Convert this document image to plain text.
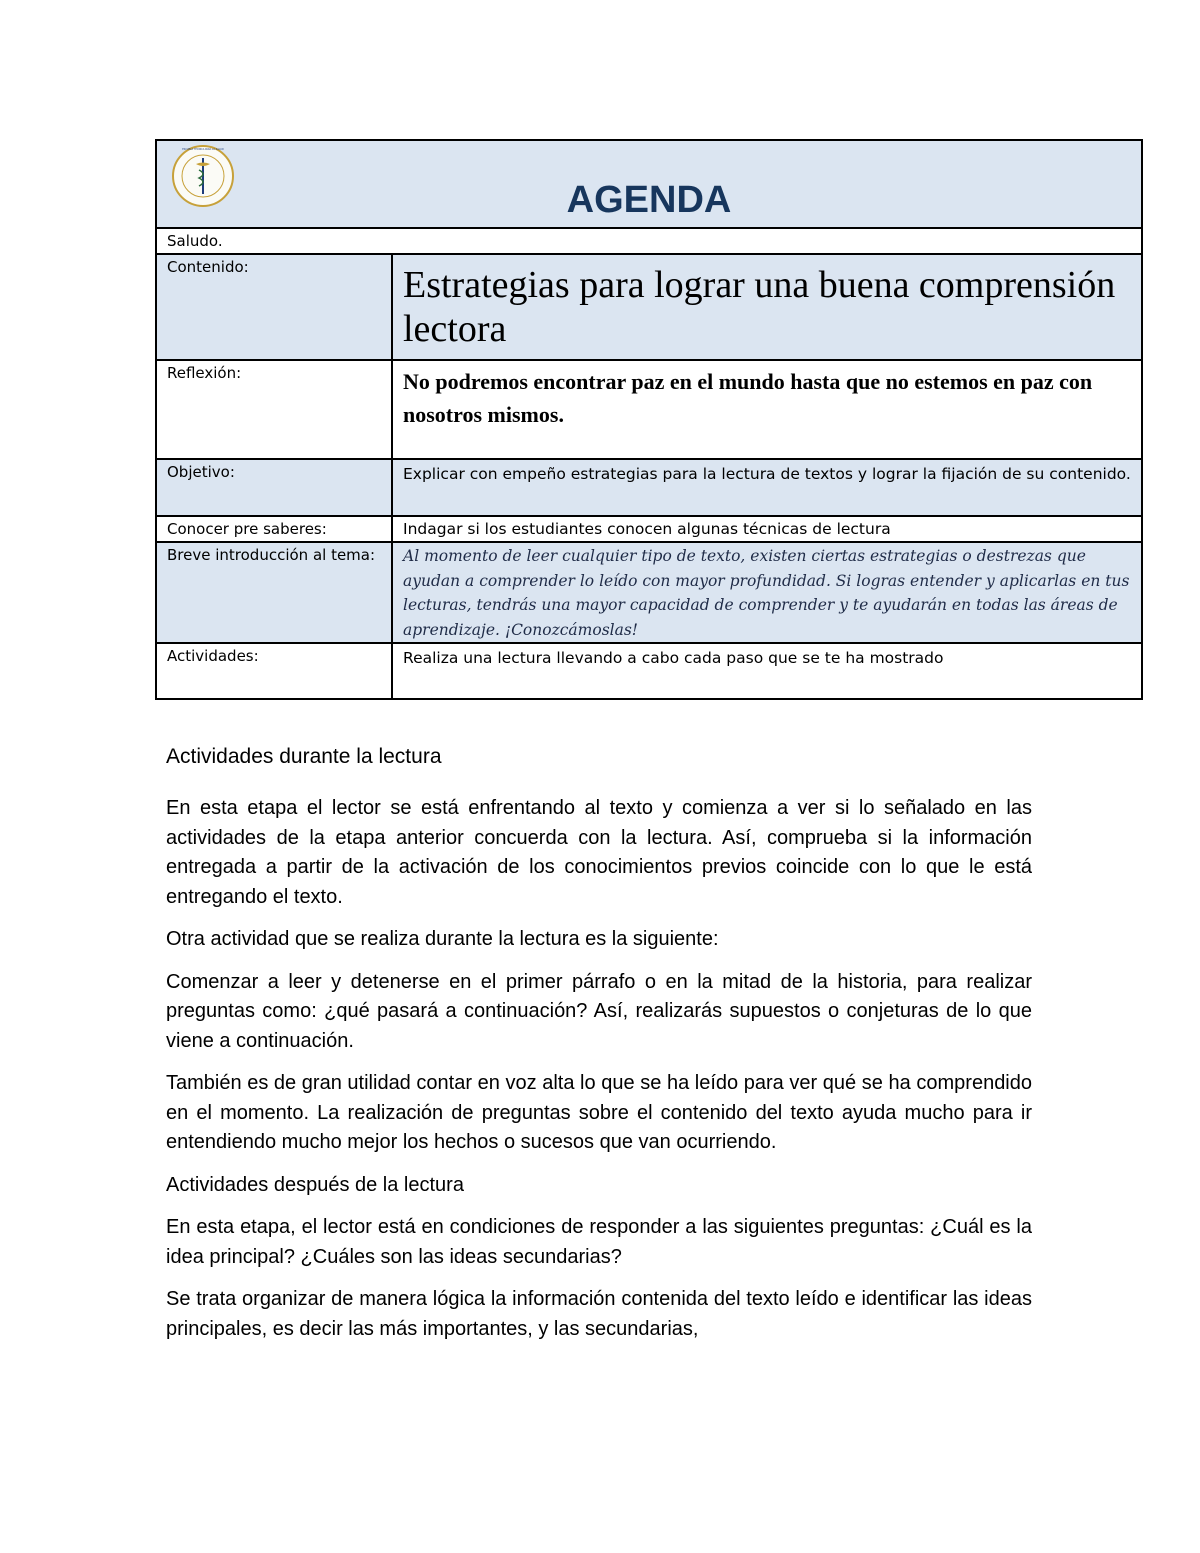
ESCUELA TÉCNICA PARA LA SALUD
AGENDA	

Saludo.	
Contenido:	Estrategias para lograr una buena comprensión lectora
Reflexión:	No podremos encontrar paz en el mundo hasta que no estemos en paz con nosotros mismos.
Objetivo:	Explicar con empeño estrategias para la lectura de textos y lograr la fijación de su contenido.
Conocer pre saberes:	Indagar si los estudiantes conocen algunas técnicas de lectura
Breve introducción al tema:	Al momento de leer cualquier tipo de texto, existen ciertas estrategias o destrezas que ayudan a comprender lo leído con mayor profundidad. Si logras entender y aplicarlas en tus lecturas, tendrás una mayor capacidad de comprender y te ayudarán en todas las áreas de aprendizaje. ¡Conozcámoslas!
Actividades:	Realiza una lectura llevando a cabo cada paso que se te ha mostrado
Actividades durante la lectura

En esta etapa el lector se está enfrentando al texto y comienza a ver si lo señalado en las actividades de la etapa anterior concuerda con la lectura. Así, comprueba si la información entregada a partir de la activación de los conocimientos previos coincide con lo que le está entregando el texto.

Otra actividad que se realiza durante la lectura es la siguiente:

Comenzar a leer y detenerse en el primer párrafo o en la mitad de la historia, para realizar preguntas como: ¿qué pasará a continuación? Así, realizarás supuestos o conjeturas de lo que viene a continuación.

También es de gran utilidad contar en voz alta lo que se ha leído para ver qué se ha comprendido en el momento. La realización de preguntas sobre el contenido del texto ayuda mucho para ir entendiendo mucho mejor los hechos o sucesos que van ocurriendo.

Actividades después de la lectura

En esta etapa, el lector está en condiciones de responder a las siguientes preguntas: ¿Cuál es la idea principal? ¿Cuáles son las ideas secundarias?

Se trata organizar de manera lógica la información contenida del texto leído e identificar las ideas principales, es decir las más importantes, y las secundarias,
